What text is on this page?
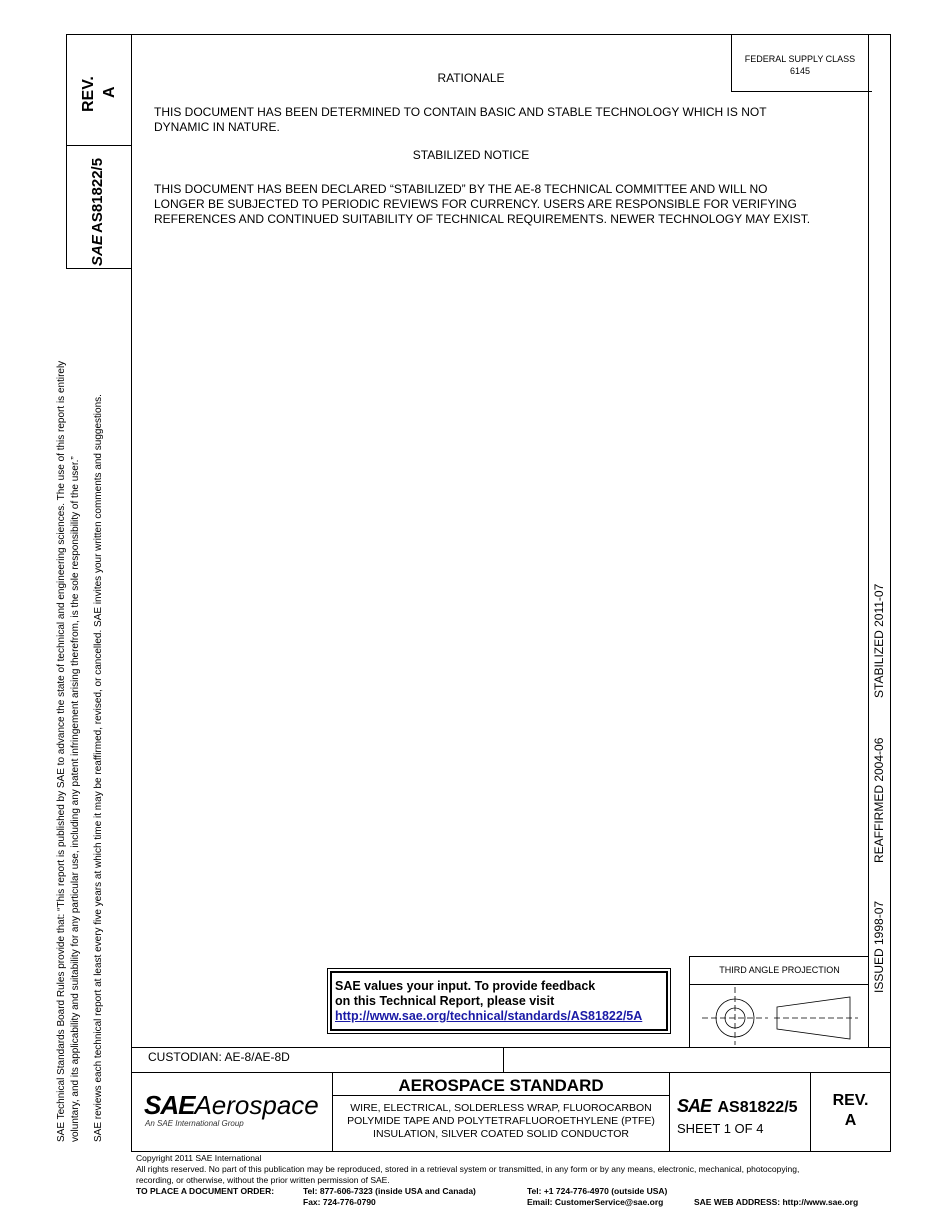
SAE Technical Standards Board Rules provide that: “This report is published by SAE to advance the state of technical and engineering sciences. The use of this report is entirely voluntary, and its applicability and suitability for any particular use, including any patent infringement arising therefrom, is the sole responsibility of the user.” SAE reviews each technical report at least every five years at which time it may be reaffirmed, revised, or cancelled. SAE invites your written comments and suggestions.
REV. A
SAE
AS81822/5
FEDERAL SUPPLY CLASS
6145
RATIONALE
THIS DOCUMENT HAS BEEN DETERMINED TO CONTAIN BASIC AND STABLE TECHNOLOGY WHICH IS NOT
DYNAMIC IN NATURE.
STABILIZED NOTICE
THIS DOCUMENT HAS BEEN DECLARED “STABILIZED” BY THE AE-8 TECHNICAL COMMITTEE AND WILL NO
LONGER BE SUBJECTED TO PERIODIC REVIEWS FOR CURRENCY. USERS ARE RESPONSIBLE FOR VERIFYING
REFERENCES AND CONTINUED SUITABILITY OF TECHNICAL REQUIREMENTS. NEWER TECHNOLOGY MAY EXIST.
ISSUED 1998-07
REAFFIRMED 2004-06
STABILIZED 2011-07
SAE values your input. To provide feedback
on this Technical Report, please visit
http://www.sae.org/technical/standards/AS81822/5A
THIRD ANGLE PROJECTION
CUSTODIAN: AE-8/AE-8D
SAEAerospace
An SAE International Group
AEROSPACE STANDARD
WIRE, ELECTRICAL, SOLDERLESS WRAP, FLUOROCARBON
POLYMIDE TAPE AND POLYTETRAFLUOROETHYLENE (PTFE)
INSULATION, SILVER COATED SOLID CONDUCTOR
SAE AS81822/5
SHEET 1 OF 4
REV.
A
Copyright 2011 SAE International
All rights reserved. No part of this publication may be reproduced, stored in a retrieval system or transmitted, in any form or by any means, electronic, mechanical, photocopying,
recording, or otherwise, without the prior written permission of SAE.
TO PLACE A DOCUMENT ORDER:	Tel: 877-606-7323 (inside USA and Canada)
Fax: 724-776-0790
Tel: +1 724-776-4970 (outside USA)
Email: CustomerService@sae.org	SAE WEB ADDRESS: http://www.sae.org
